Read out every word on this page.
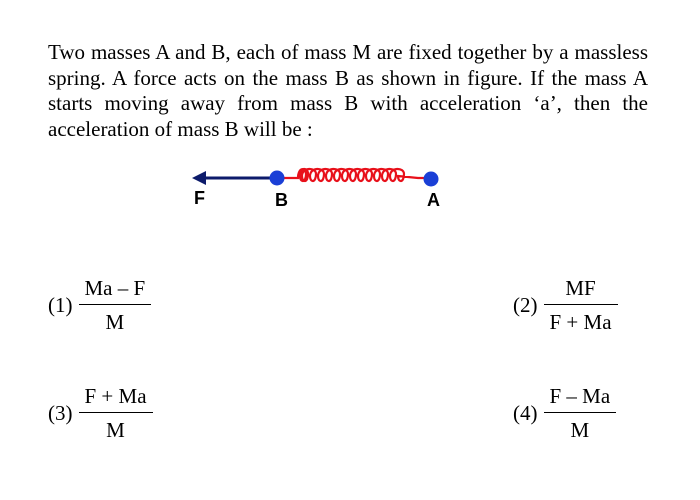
Two masses A and B, each of mass M are fixed together by a massless spring. A force acts on the mass B as shown in figure. If the mass A starts moving away from mass B with acceleration ‘a’, then the acceleration of mass B will be :
F	B	A
$(1) \frac{Ma - F}{M}$	$(2) \frac{MF}{F + Ma}$
$(3) \frac{F + Ma}{M}$	$(4) \frac{F - Ma}{M}$
